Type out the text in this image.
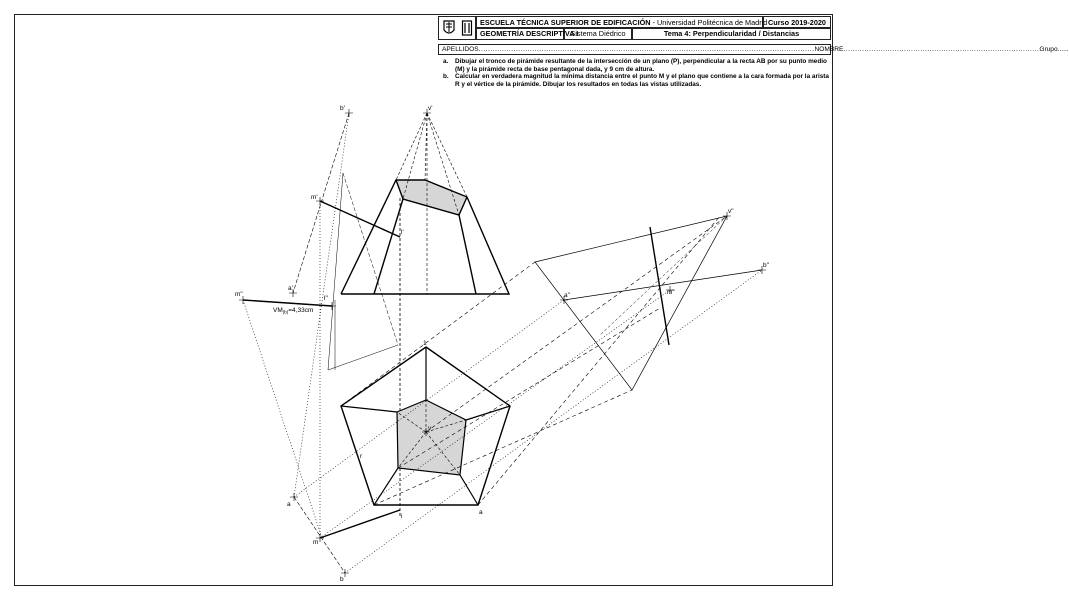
ESCUELA TÉCNICA SUPERIOR DE EDIFICACIÓN - Universidad Politécnica de Madrid Curso 2019-2020
GEOMETRÍA DESCRIPTIVA I
Sistema Diédrico	Tema 4: Perpendicularidad / Distancias
APELLIDOS ................................................................................................................................................ NOMBRE .................................................................................... Grupo ......
a.	Dibujar el tronco de pirámide resultante de la intersección de un plano (P), perpendicular a la recta AB por su punto medio (M) y la pirámide recta de base pentagonal dada, y 9 cm de altura.
b. Calcular en verdadera magnitud la mínima distancia entre el punto M y el plano que contiene a la cara formada por la arista R y el vértice de la pirámide. Dibujar los resultados en todas las vistas utilizadas.
b'	v'
m'
l'
a'
m"
l"
$VM_{(b)}=4,33cm$
v"
b"
a"	m"
1
v
r
a
i
a
m
b
